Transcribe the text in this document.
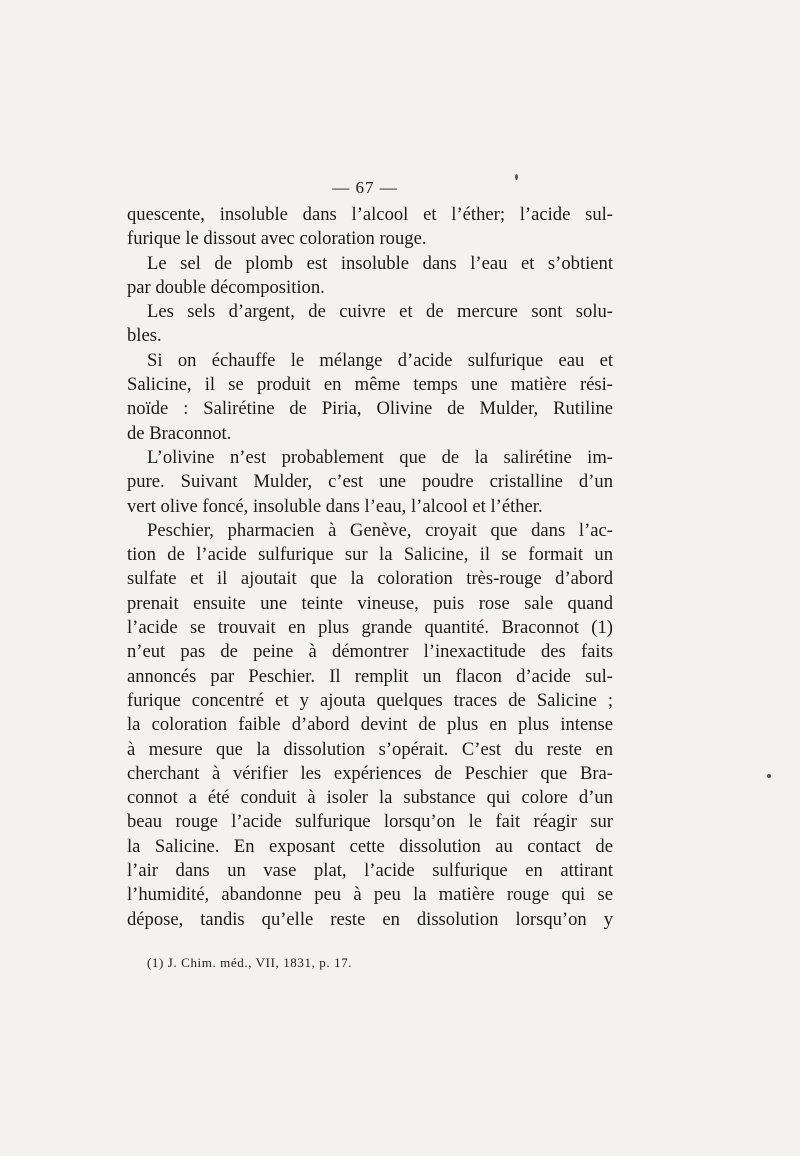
— 67 —
quescente, insoluble dans l’alcool et l’éther; l’acide sul-
furique le dissout avec coloration rouge.
Le sel de plomb est insoluble dans l’eau et s’obtient
par double décomposition.
Les sels d’argent, de cuivre et de mercure sont solu-
bles.
Si on échauffe le mélange d’acide sulfurique eau et
Salicine, il se produit en même temps une matière rési-
noïde : Salirétine de Piria, Olivine de Mulder, Rutiline
de Braconnot.
L’olivine n’est probablement que de la salirétine im-
pure. Suivant Mulder, c’est une poudre cristalline d’un
vert olive foncé, insoluble dans l’eau, l’alcool et l’éther.
Peschier, pharmacien à Genève, croyait que dans l’ac-
tion de l’acide sulfurique sur la Salicine, il se formait un
sulfate et il ajoutait que la coloration très-rouge d’abord
prenait ensuite une teinte vineuse, puis rose sale quand
l’acide se trouvait en plus grande quantité. Braconnot (1)
n’eut pas de peine à démontrer l’inexactitude des faits
annoncés par Peschier. Il remplit un flacon d’acide sul-
furique concentré et y ajouta quelques traces de Salicine ;
la coloration faible d’abord devint de plus en plus intense
à mesure que la dissolution s’opérait. C’est du reste en
cherchant à vérifier les expériences de Peschier que Bra-
connot a été conduit à isoler la substance qui colore d’un
beau rouge l’acide sulfurique lorsqu’on le fait réagir sur
la Salicine. En exposant cette dissolution au contact de
l’air dans un vase plat, l’acide sulfurique en attirant
l’humidité, abandonne peu à peu la matière rouge qui se
dépose, tandis qu’elle reste en dissolution lorsqu’on y
(1) J. Chim. méd., VII, 1831, p. 17.
